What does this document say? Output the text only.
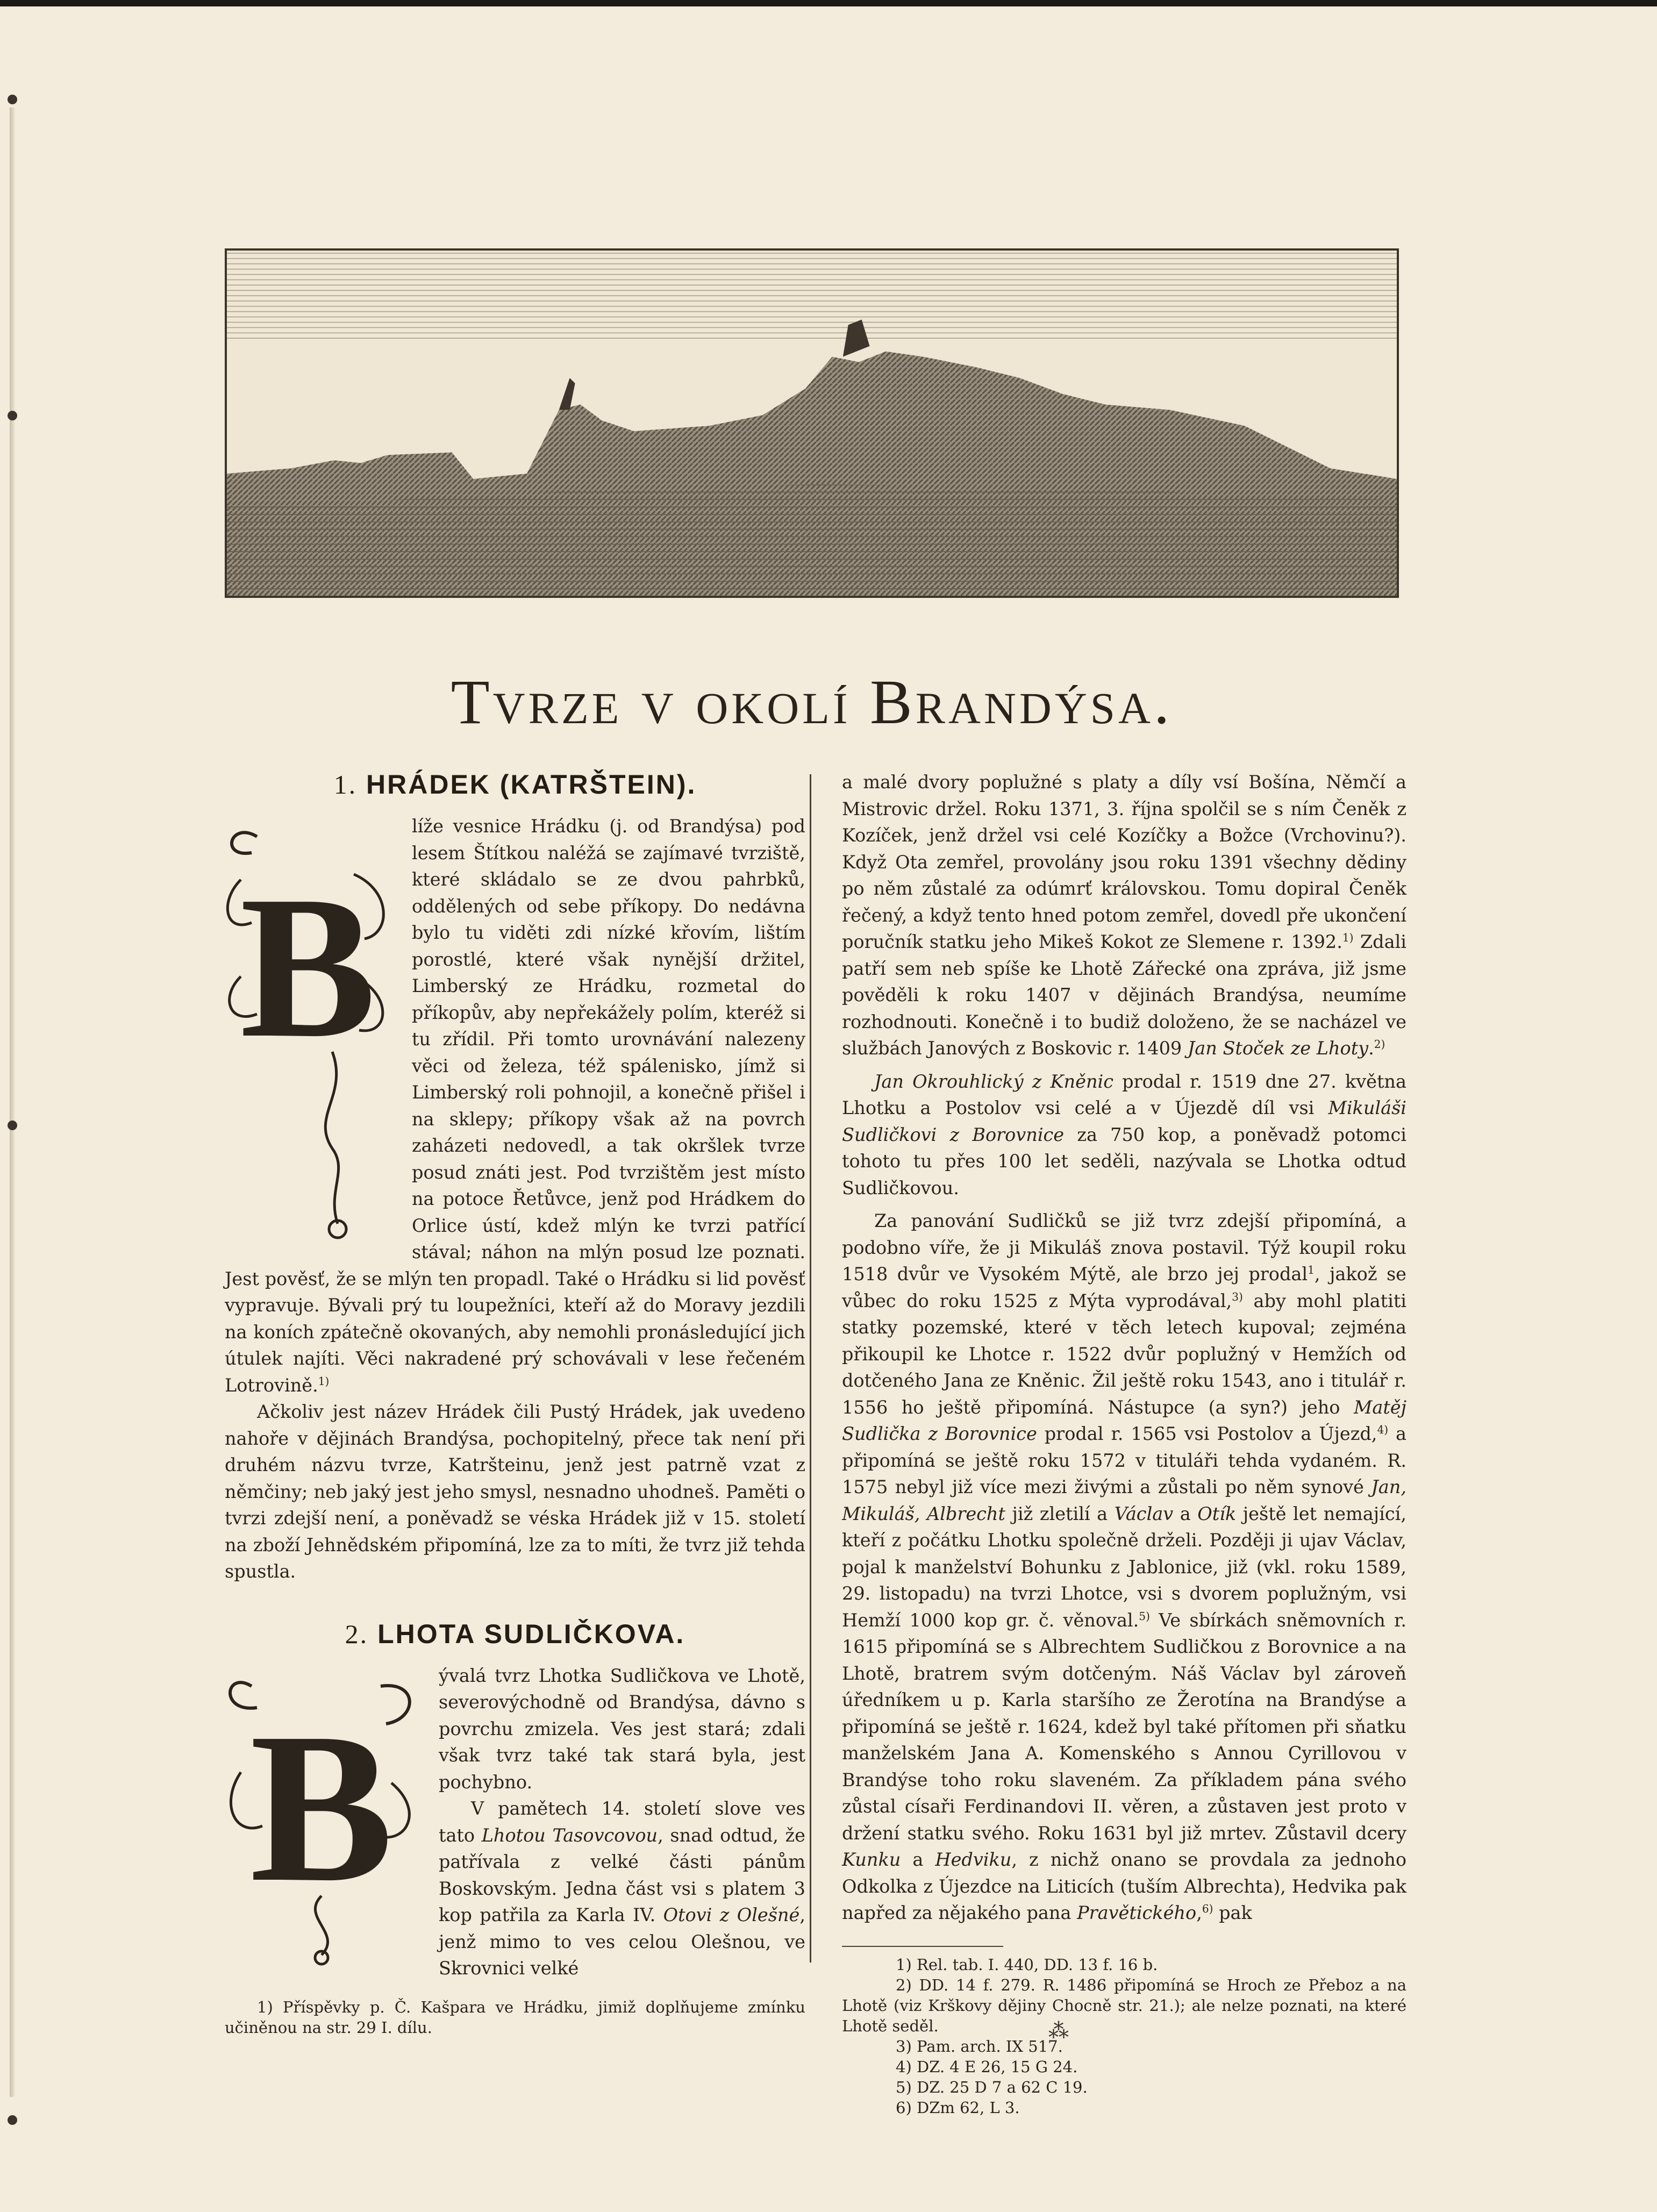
Tvrze v okolí Brandýsa.
1. HRÁDEK (KATRŠTEIN).
B

líže vesnice Hrádku (j. od Brandýsa) pod lesem Štítkou naléžá se zajímavé tvrziště, které skládalo se ze dvou pahrbků, oddělených od sebe příkopy. Do nedávna bylo tu viděti zdi nízké křovím, lištím porostlé, které však nynější držitel, Limberský ze Hrádku, rozmetal do příkopův, aby nepřekážely polím, kteréž si tu zřídil. Při tomto urovnávání nalezeny věci od železa, též spálenisko, jímž si Limberský roli pohnojil, a konečně přišel i na sklepy; příkopy však až na povrch zaházeti nedovedl, a tak okršlek tvrze posud znáti jest. Pod tvrzištěm jest místo na potoce Řetůvce, jenž pod Hrádkem do Orlice ústí, kdež mlýn ke tvrzi patřící stával; náhon na mlýn posud lze poznati. Jest pověsť, že se mlýn ten propadl. Také o Hrádku si lid pověsť vypravuje. Bývali prý tu loupežníci, kteří až do Moravy jezdili na koních zpátečně okovaných, aby nemohli pronásledující jich útulek najíti. Věci nakradené prý schovávali v lese řečeném Lotrovině.$^{1)}$

Ačkoliv jest název Hrádek čili Pustý Hrádek, jak uvedeno nahoře v dějinách Brandýsa, pochopitelný, přece tak není při druhém názvu tvrze, Katršteinu, jenž jest patrně vzat z němčiny; neb jaký jest jeho smysl, nesnadno uhodneš. Paměti o tvrzi zdejší není, a poněvadž se véska Hrádek již v 15. století na zboží Jehnědském připomíná, lze za to míti, že tvrz již tehda spustla.

2. LHOTA SUDLIČKOVA.
B

ývalá tvrz Lhotka Sudličkova ve Lhotě, severovýchodně od Brandýsa, dávno s povrchu zmizela. Ves jest stará; zdali však tvrz také tak stará byla, jest pochybno.

V pamětech 14. století slove ves tato Lhotou Tasovcovou, snad odtud, že patřívala z velké části pánům Boskovským. Jedna část vsi s platem 3 kop patřila za Karla IV. Otovi z Olešné, jenž mimo to ves celou Olešnou, ve Skrovnici velké

1) Příspěvky p. Č. Kašpara ve Hrádku, jimiž doplňujeme zmínku učiněnou na str. 29 I. dílu.

a malé dvory poplužné s platy a díly vsí Bošína, Němčí a Mistrovic držel. Roku 1371, 3. října spolčil se s ním Čeněk z Kozíček, jenž držel vsi celé Kozíčky a Božce (Vrchovinu?). Když Ota zemřel, provolány jsou roku 1391 všechny dědiny po něm zůstalé za odúmrť královskou. Tomu dopiral Čeněk řečený, a když tento hned potom zemřel, dovedl pře ukončení poručník statku jeho Mikeš Kokot ze Slemene r. 1392.$^{1)}$ Zdali patří sem neb spíše ke Lhotě Zářecké ona zpráva, již jsme pověděli k roku 1407 v dějinách Brandýsa, neumíme rozhodnouti. Konečně i to budiž doloženo, že se nacházel ve službách Janových z Boskovic r. 1409 Jan Stoček ze Lhoty.$^{2)}$

Jan Okrouhlický z Kněnic prodal r. 1519 dne 27. května Lhotku a Postolov vsi celé a v Újezdě díl vsi Mikuláši Sudličkovi z Borovnice za 750 kop, a poněvadž potomci tohoto tu přes 100 let seděli, nazývala se Lhotka odtud Sudličkovou.

Za panování Sudličků se již tvrz zdejší připomíná, a podobno víře, že ji Mikuláš znova postavil. Týž koupil roku 1518 dvůr ve Vysokém Mýtě, ale brzo jej prodal$^1$, jakož se vůbec do roku 1525 z Mýta vyprodával,$^{3)}$ aby mohl platiti statky pozemské, které v těch letech kupoval; zejména přikoupil ke Lhotce r. 1522 dvůr poplužný v Hemžích od dotčeného Jana ze Kněnic. Žil ještě roku 1543, ano i titulář r. 1556 ho ještě připomíná. Nástupce (a syn?) jeho Matěj Sudlička z Borovnice prodal r. 1565 vsi Postolov a Újezd,$^{4)}$ a připomíná se ještě roku 1572 v tituláři tehda vydaném. R. 1575 nebyl již více mezi živými a zůstali po něm synové Jan, Mikuláš, Albrecht již zletilí a Václav a Otík ještě let nemající, kteří z počátku Lhotku společně drželi. Později ji ujav Václav, pojal k manželství Bohunku z Jablonice, již (vkl. roku 1589, 29. listopadu) na tvrzi Lhotce, vsi s dvorem poplužným, vsi Hemží 1000 kop gr. č. věnoval.$^{5)}$ Ve sbírkách sněmovních r. 1615 připomíná se s Albrechtem Sudličkou z Borovnice a na Lhotě, bratrem svým dotčeným. Náš Václav byl zároveň úředníkem u p. Karla staršího ze Žerotína na Brandýse a připomíná se ještě r. 1624, kdež byl také přítomen při sňatku manželském Jana A. Komenského s Annou Cyrillovou v Brandýse toho roku slaveném. Za příkladem pána svého zůstal císaři Ferdinandovi II. věren, a zůstaven jest proto v držení statku svého. Roku 1631 byl již mrtev. Zůstavil dcery Kunku a Hedviku, z nichž onano se provdala za jednoho Odkolka z Újezdce na Liticích (tuším Albrechta), Hedvika pak napřed za nějakého pana Pravětického,$^{6)}$ pak

1) Rel. tab. I. 440, DD. 13 f. 16 b.

2) DD. 14 f. 279. R. 1486 připomíná se Hroch ze Přeboz a na Lhotě (viz Krškovy dějiny Chocně str. 21.); ale nelze poznati, na které Lhotě seděl.

3) Pam. arch. IX 517.

4) DZ. 4 E 26, 15 G 24.

5) DZ. 25 D 7 a 62 C 19.

6) DZm 62, L 3.

⁂
